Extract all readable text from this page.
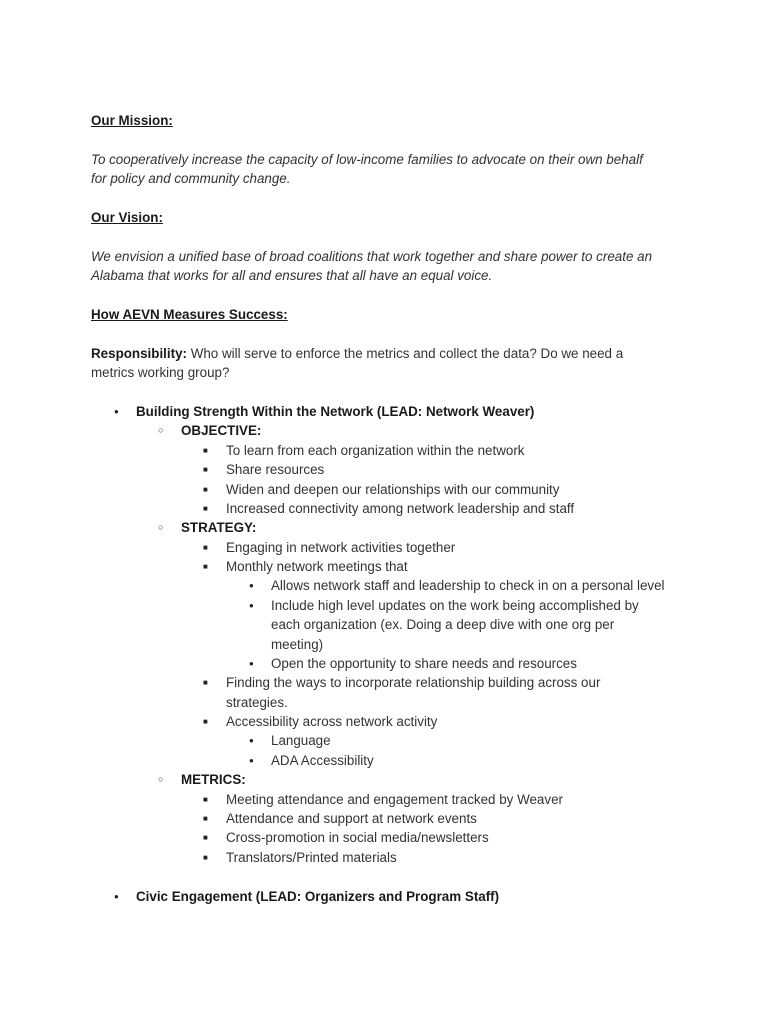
Our Mission:
To cooperatively increase the capacity of low-income families to advocate on their own behalf
for policy and community change.
Our Vision:
We envision a unified base of broad coalitions that work together and share power to create an
Alabama that works for all and ensures that all have an equal voice.
How AEVN Measures Success:
Responsibility: Who will serve to enforce the metrics and collect the data? Do we need a
metrics working group?
●
Building Strength Within the Network (LEAD: Network Weaver)
○
OBJECTIVE:
■
To learn from each organization within the network
■
Share resources
■
Widen and deepen our relationships with our community
■
Increased connectivity among network leadership and staff
○
STRATEGY:
■
Engaging in network activities together
■
Monthly network meetings that
●
Allows network staff and leadership to check in on a personal level
●
Include high level updates on the work being accomplished by
each organization (ex. Doing a deep dive with one org per
meeting)
●
Open the opportunity to share needs and resources
■
Finding the ways to incorporate relationship building across our
strategies.
■
Accessibility across network activity
●
Language
●
ADA Accessibility
○
METRICS:
■
Meeting attendance and engagement tracked by Weaver
■
Attendance and support at network events
■
Cross-promotion in social media/newsletters
■
Translators/Printed materials
●
Civic Engagement (LEAD: Organizers and Program Staff)
